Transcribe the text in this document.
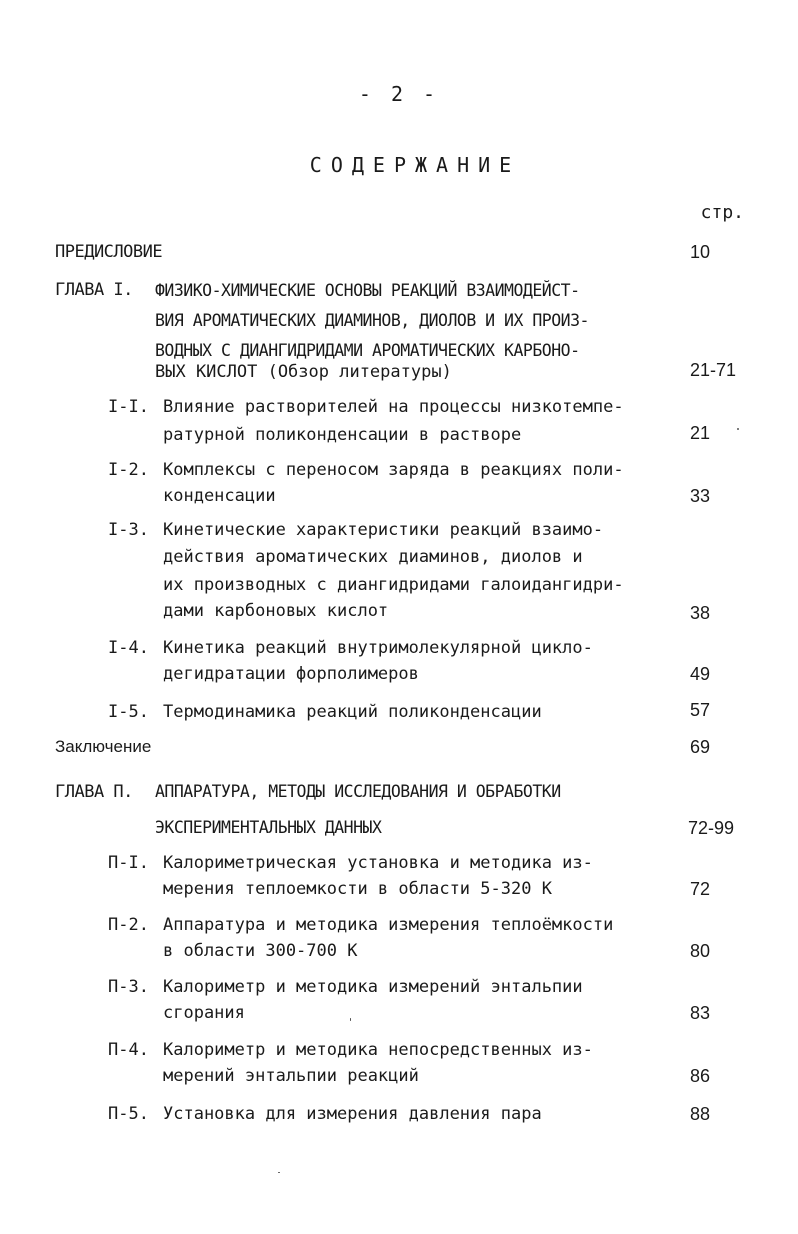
- 2 -
СОДЕРЖАНИЕ
стр.
ПРЕДИСЛОВИЕ	10
ГЛАВА I. ФИЗИКО-ХИМИЧЕСКИЕ ОСНОВЫ РЕАКЦИЙ ВЗАИМОДЕЙСТ-
ВИЯ АРОМАТИЧЕСКИХ ДИАМИНОВ, ДИОЛОВ И ИХ ПРОИЗ-
ВОДНЫХ С ДИАНГИДРИДАМИ АРОМАТИЧЕСКИХ КАРБОНО-
ВЫХ КИСЛОТ (Обзор литературы)	21-71
I-I. Влияние растворителей на процессы низкотемпе-
ратурной поликонденсации в растворе	21
I-2. Комплексы с переносом заряда в реакциях поли-
конденсации	33
I-3. Кинетические характеристики реакций взаимо-
действия ароматических диаминов, диолов и
их производных с диангидридами галоидангидри-
дами карбоновых кислот	38
I-4. Кинетика реакций внутримолекулярной цикло-
дегидратации форполимеров	49
I-5. Термодинамика реакций поликонденсации	57
Заключение	69
ГЛАВА П. АППАРАТУРА, МЕТОДЫ ИССЛЕДОВАНИЯ И ОБРАБОТКИ
ЭКСПЕРИМЕНТАЛЬНЫХ ДАННЫХ	72-99
П-I. Калориметрическая установка и методика из-
мерения теплоемкости в области 5-320 К	72
П-2. Аппаратура и методика измерения теплоёмкости
в области 300-700 К	80
П-3. Калориметр и методика измерений энтальпии
сгорания	83
П-4. Калориметр и методика непосредственных из-
мерений энтальпии реакций	86
П-5. Установка для измерения давления пара	88
